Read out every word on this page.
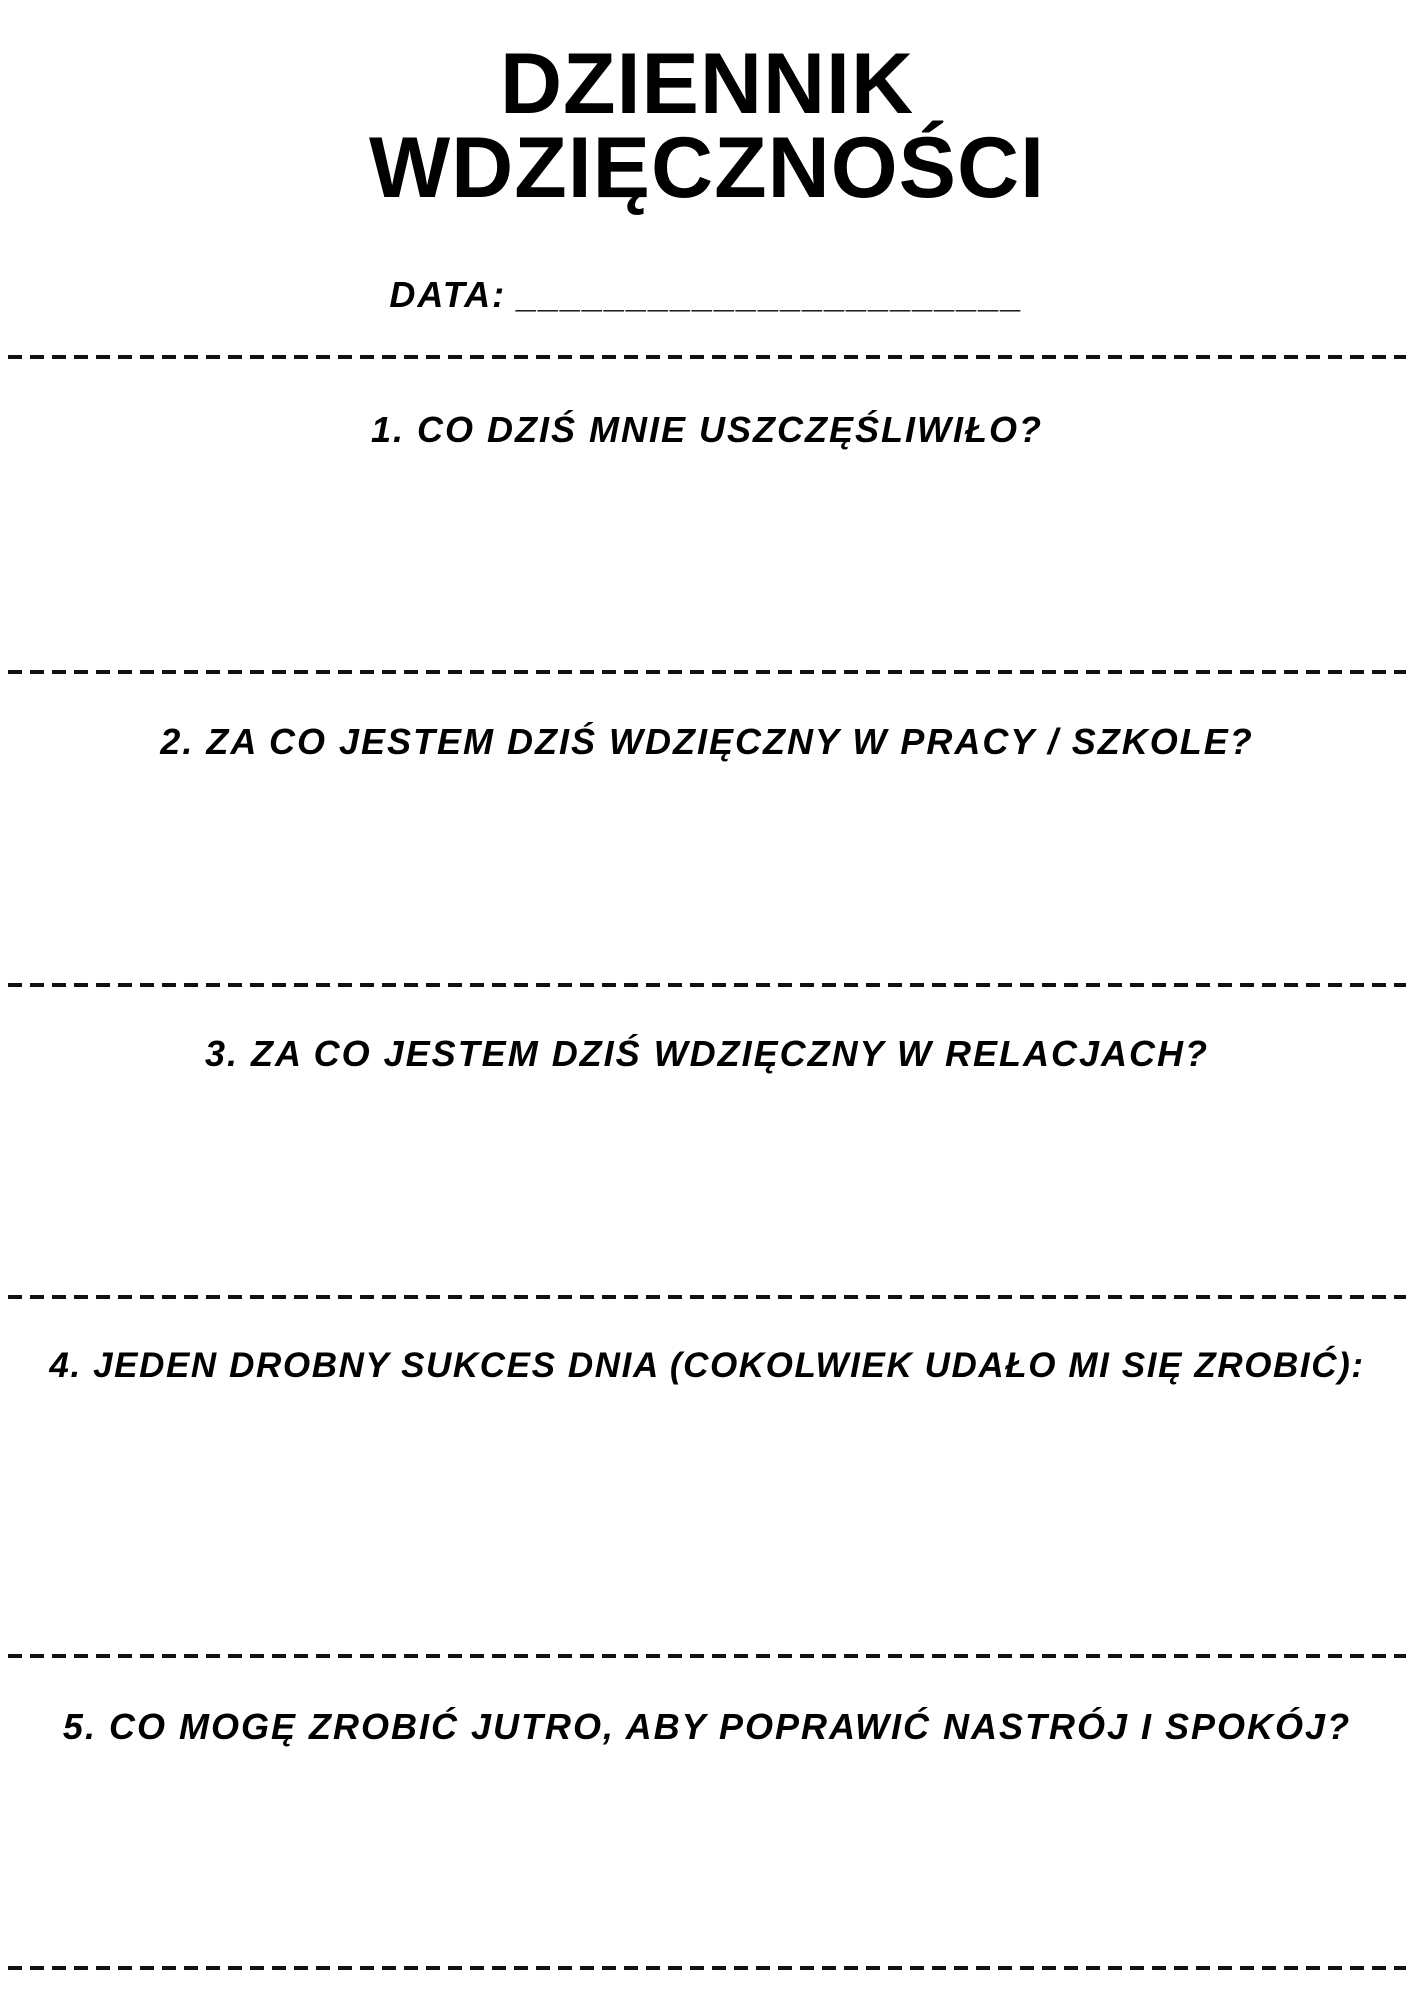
DZIENNIK
WDZIĘCZNOŚCI
DATA: _______________________
1. CO DZIŚ MNIE USZCZĘŚLIWIŁO?
2. ZA CO JESTEM DZIŚ WDZIĘCZNY W PRACY / SZKOLE?
3. ZA CO JESTEM DZIŚ WDZIĘCZNY W RELACJACH?
4. JEDEN DROBNY SUKCES DNIA (COKOLWIEK UDAŁO MI SIĘ ZROBIĆ):
5. CO MOGĘ ZROBIĆ JUTRO, ABY POPRAWIĆ NASTRÓJ I SPOKÓJ?
